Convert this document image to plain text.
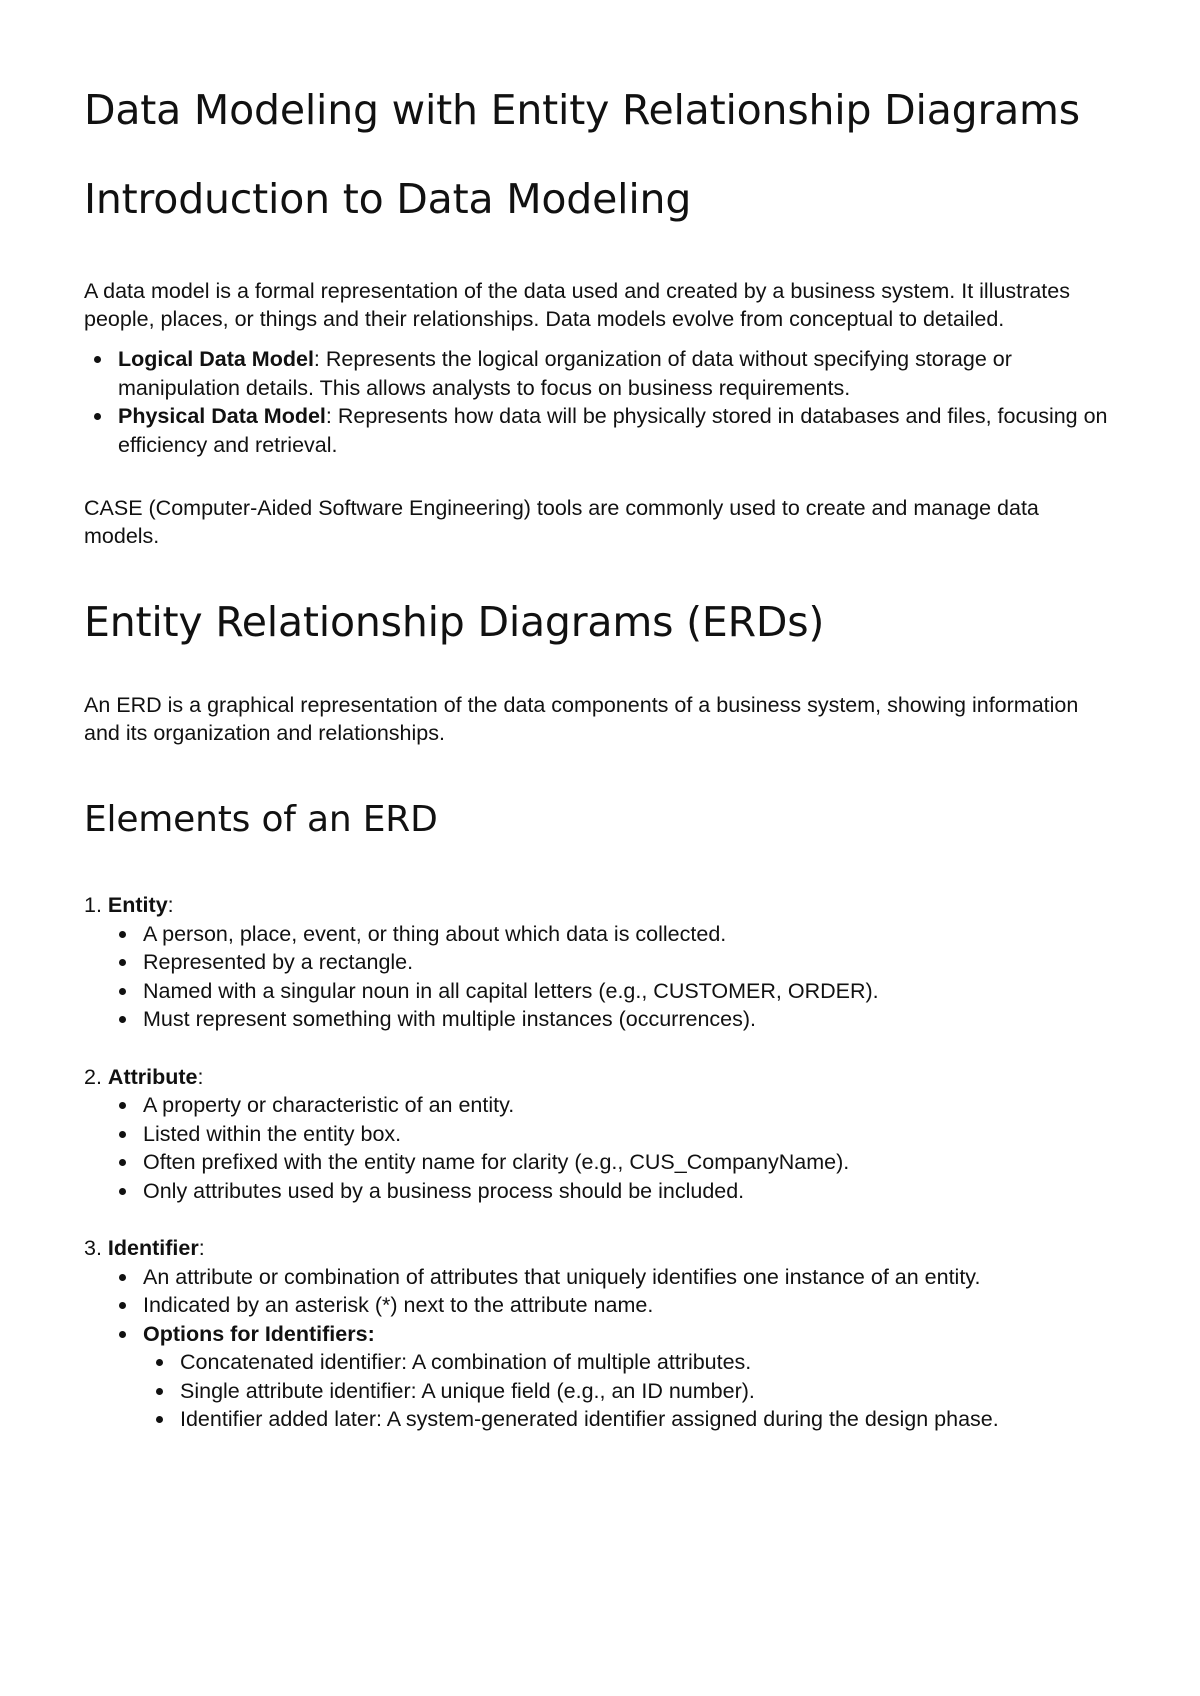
Data Modeling with Entity Relationship Diagrams
Introduction to Data Modeling

A data model is a formal representation of the data used and created by a business system. It illustrates people, places, or things and their relationships. Data models evolve from conceptual to detailed.

Logical Data Model: Represents the logical organization of data without specifying storage or manipulation details. This allows analysts to focus on business requirements.
Physical Data Model: Represents how data will be physically stored in databases and files, focusing on efficiency and retrieval.

CASE (Computer-Aided Software Engineering) tools are commonly used to create and manage data models.

Entity Relationship Diagrams (ERDs)

An ERD is a graphical representation of the data components of a business system, showing information and its organization and relationships.

Elements of an ERD
1. Entity:
A person, place, event, or thing about which data is collected.
Represented by a rectangle.
Named with a singular noun in all capital letters (e.g., CUSTOMER, ORDER).
Must represent something with multiple instances (occurrences).
2. Attribute:
A property or characteristic of an entity.
Listed within the entity box.
Often prefixed with the entity name for clarity (e.g., CUS_CompanyName).
Only attributes used by a business process should be included.
3. Identifier:
An attribute or combination of attributes that uniquely identifies one instance of an entity.
Indicated by an asterisk (*) next to the attribute name.
Options for Identifiers:
Concatenated identifier: A combination of multiple attributes.
Single attribute identifier: A unique field (e.g., an ID number).
Identifier added later: A system-generated identifier assigned during the design phase.
